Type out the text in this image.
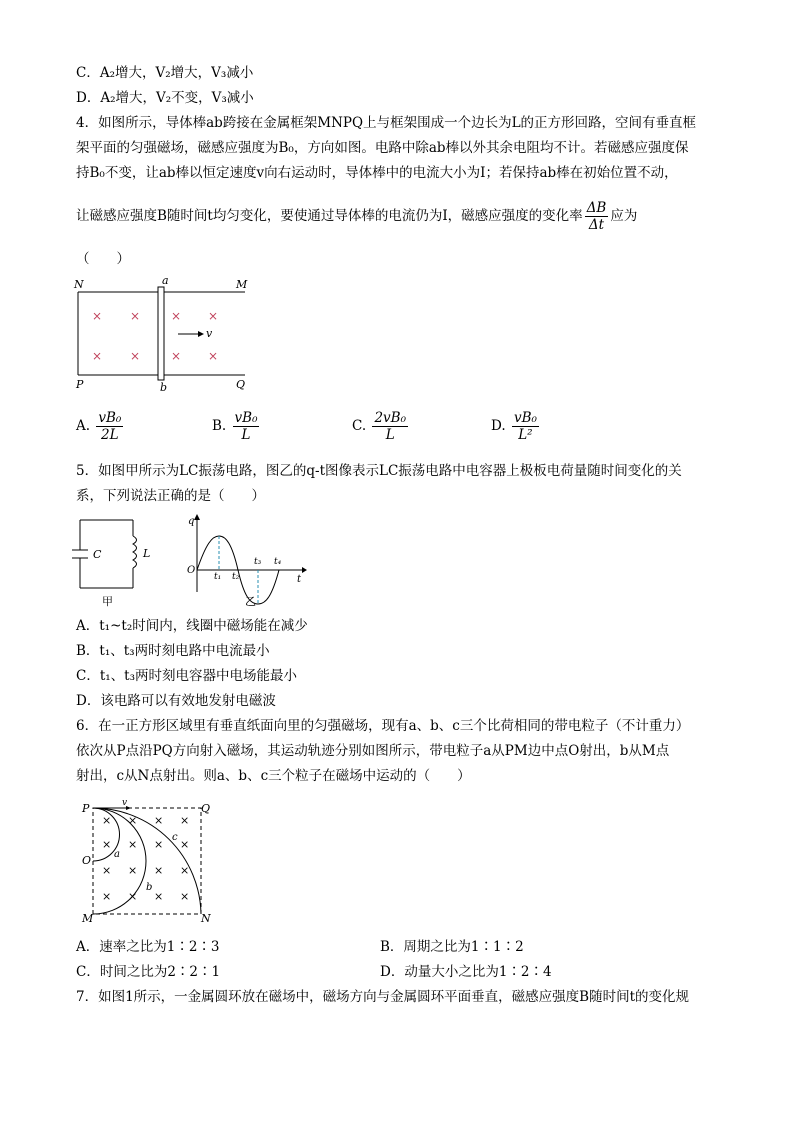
C．A₂增大，V₂增大，V₃减小
D．A₂增大，V₂不变，V₃减小
4．如图所示，导体棒ab跨接在金属框架MNPQ上与框架围成一个边长为L的正方形回路，空间有垂直框
架平面的匀强磁场，磁感应强度为B₀，方向如图。电路中除ab棒以外其余电阻均不计。若磁感应强度保
持B₀不变，让ab棒以恒定速度v向右运动时，导体棒中的电流大小为I；若保持ab棒在初始位置不动，
让磁感应强度B随时间t均匀变化，要使通过导体棒的电流仍为I，磁感应强度的变化率 $\frac{\Delta B}{\Delta t}$ 应为
（　　）
N	M
P	Q
a
b
× ×	× ×
× ×	× ×
v
A. $\frac{\text{vB₀}}{2L}$	B. $\frac{\text{vB₀}}{L}$	C. $\frac{\text{2vB₀}}{L}$	D. $\frac{\text{vB₀}}{\text{L²}}$
5．如图甲所示为LC振荡电路，图乙的q-t图像表示LC振荡电路中电容器上极板电荷量随时间变化的关
系，下列说法正确的是（　　）
C	L
甲
q
O
t
t₁ t₂
t₃ t₄
乙
A．t₁~t₂时间内，线圈中磁场能在减少
B．t₁、t₃两时刻电路中电流最小
C．t₁、t₃两时刻电容器中电场能最小
D．该电路可以有效地发射电磁波
6．在一正方形区域里有垂直纸面向里的匀强磁场，现有a、b、c三个比荷相同的带电粒子（不计重力）
依次从P点沿PQ方向射入磁场，其运动轨迹分别如图所示，带电粒子a从PM边中点O射出，b从M点
射出，c从N点射出。则a、b、c三个粒子在磁场中运动的（　　）
P	Q
M	N
O
v
a
b
c
× × × ×
× × × ×
× × × ×
× × × ×
A．速率之比为1∶2∶3	B．周期之比为1∶1∶2
C．时间之比为2∶2∶1	D．动量大小之比为1∶2∶4
7．如图1所示，一金属圆环放在磁场中，磁场方向与金属圆环平面垂直，磁感应强度B随时间t的变化规
